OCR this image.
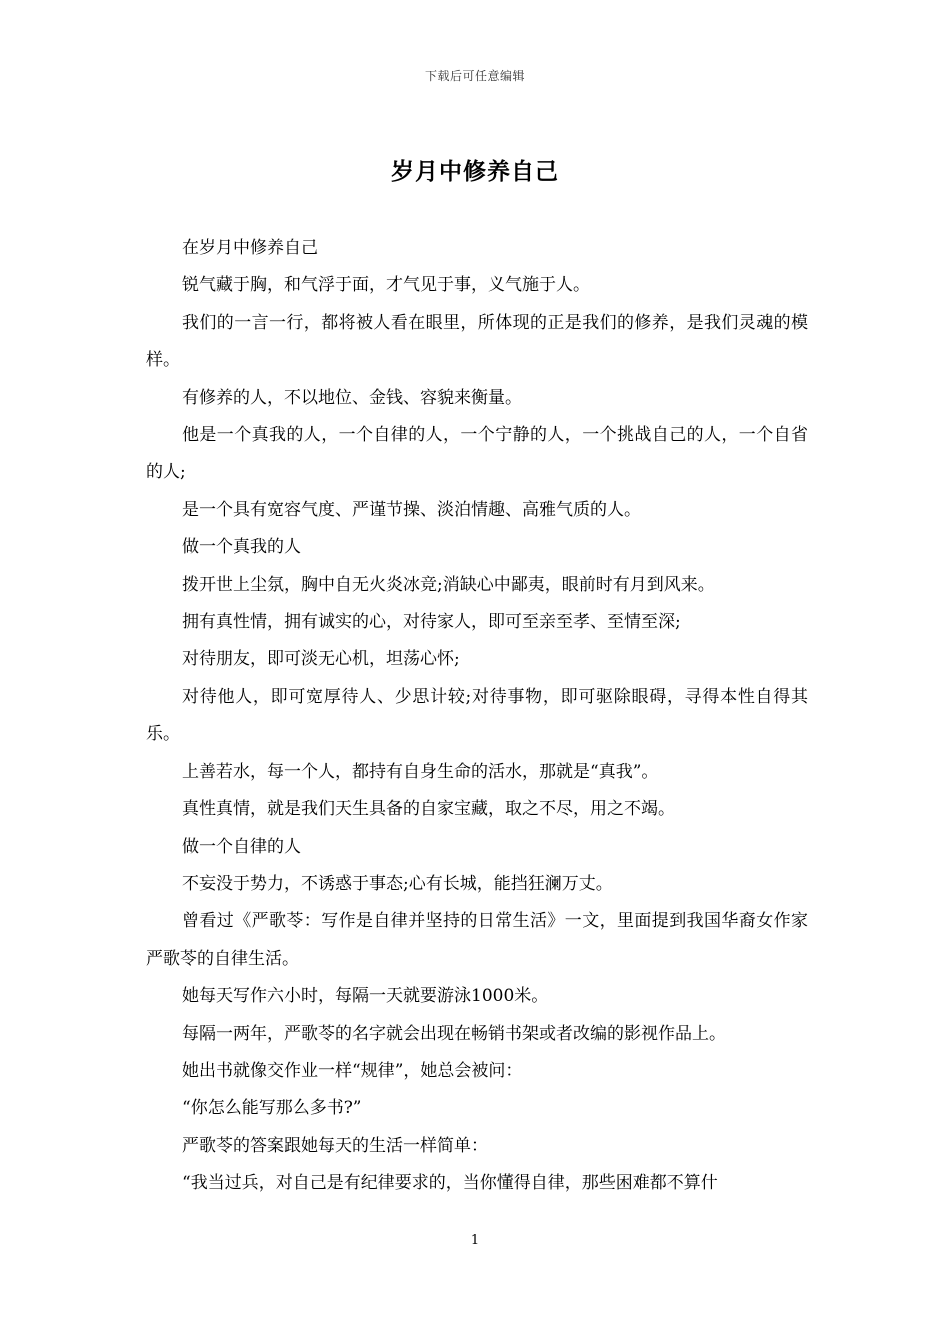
下载后可任意编辑
岁月中修养自己

在岁月中修养自己

锐气藏于胸，和气浮于面，才气见于事，义气施于人。

我们的一言一行，都将被人看在眼里，所体现的正是我们的修养，是我们灵魂的模样。

有修养的人，不以地位、金钱、容貌来衡量。

他是一个真我的人，一个自律的人，一个宁静的人，一个挑战自己的人，一个自省的人;

是一个具有宽容气度、严谨节操、淡泊情趣、高雅气质的人。

做一个真我的人

拨开世上尘氛，胸中自无火炎冰竞;消缺心中鄙夷，眼前时有月到风来。

拥有真性情，拥有诚实的心，对待家人，即可至亲至孝、至情至深;

对待朋友，即可淡无心机，坦荡心怀;

对待他人，即可宽厚待人、少思计较;对待事物，即可驱除眼碍，寻得本性自得其乐。

上善若水，每一个人，都持有自身生命的活水，那就是“真我”。

真性真情，就是我们天生具备的自家宝藏，取之不尽，用之不竭。

做一个自律的人

不妄没于势力，不诱惑于事态;心有长城，能挡狂澜万丈。

曾看过《严歌苓：写作是自律并坚持的日常生活》一文，里面提到我国华裔女作家严歌苓的自律生活。

她每天写作六小时，每隔一天就要游泳1000米。

每隔一两年，严歌苓的名字就会出现在畅销书架或者改编的影视作品上。

她出书就像交作业一样“规律”，她总会被问：

“你怎么能写那么多书?”

严歌苓的答案跟她每天的生活一样简单：

“我当过兵，对自己是有纪律要求的，当你懂得自律，那些困难都不算什

1
